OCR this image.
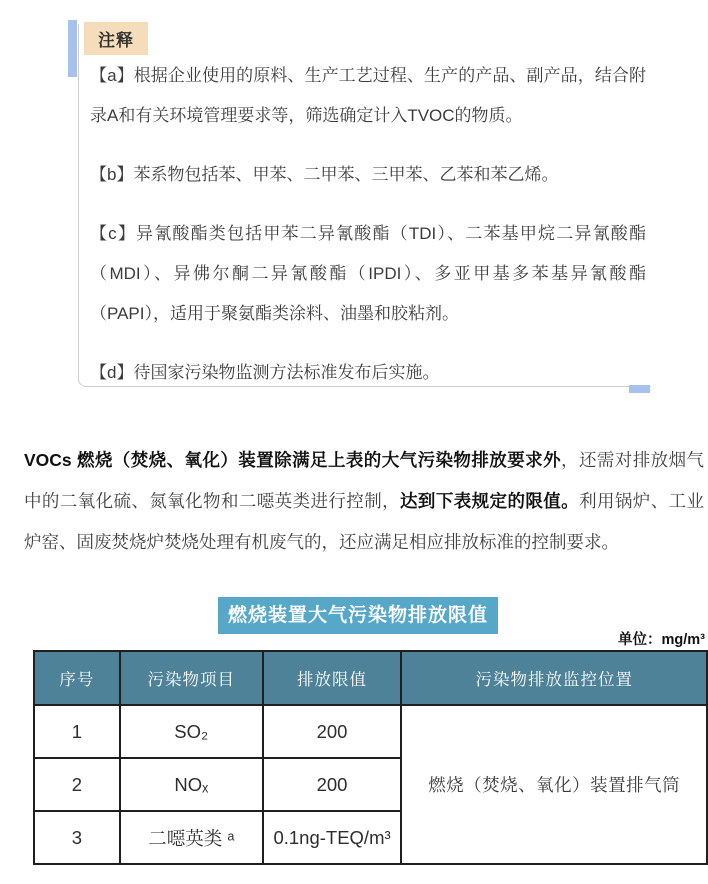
注释

【a】根据企业使用的原料、生产工艺过程、生产的产品、副产品，结合附录A和有关环境管理要求等，筛选确定计入TVOC的物质。

【b】苯系物包括苯、甲苯、二甲苯、三甲苯、乙苯和苯乙烯。

【c】异氰酸酯类包括甲苯二异氰酸酯（TDI）、二苯基甲烷二异氰酸酯（MDI）、异佛尔酮二异氰酸酯（IPDI）、多亚甲基多苯基异氰酸酯（PAPI），适用于聚氨酯类涂料、油墨和胶粘剂。

【d】待国家污染物监测方法标准发布后实施。

VOCs 燃烧（焚烧、氧化）装置除满足上表的大气污染物排放要求外，还需对排放烟气中的二氧化硫、氮氧化物和二噁英类进行控制，达到下表规定的限值。利用锅炉、工业炉窑、固废焚烧炉焚烧处理有机废气的，还应满足相应排放标准的控制要求。
燃烧装置大气污染物排放限值
单位：mg/m³
序号	污染物项目	排放限值	污染物排放监控位置
1	SO₂	200	燃烧（焚烧、氧化）装置排气筒
2	NOₓ	200	
3	二噁英类 ᵃ	0.1ng-TEQ/m³	
